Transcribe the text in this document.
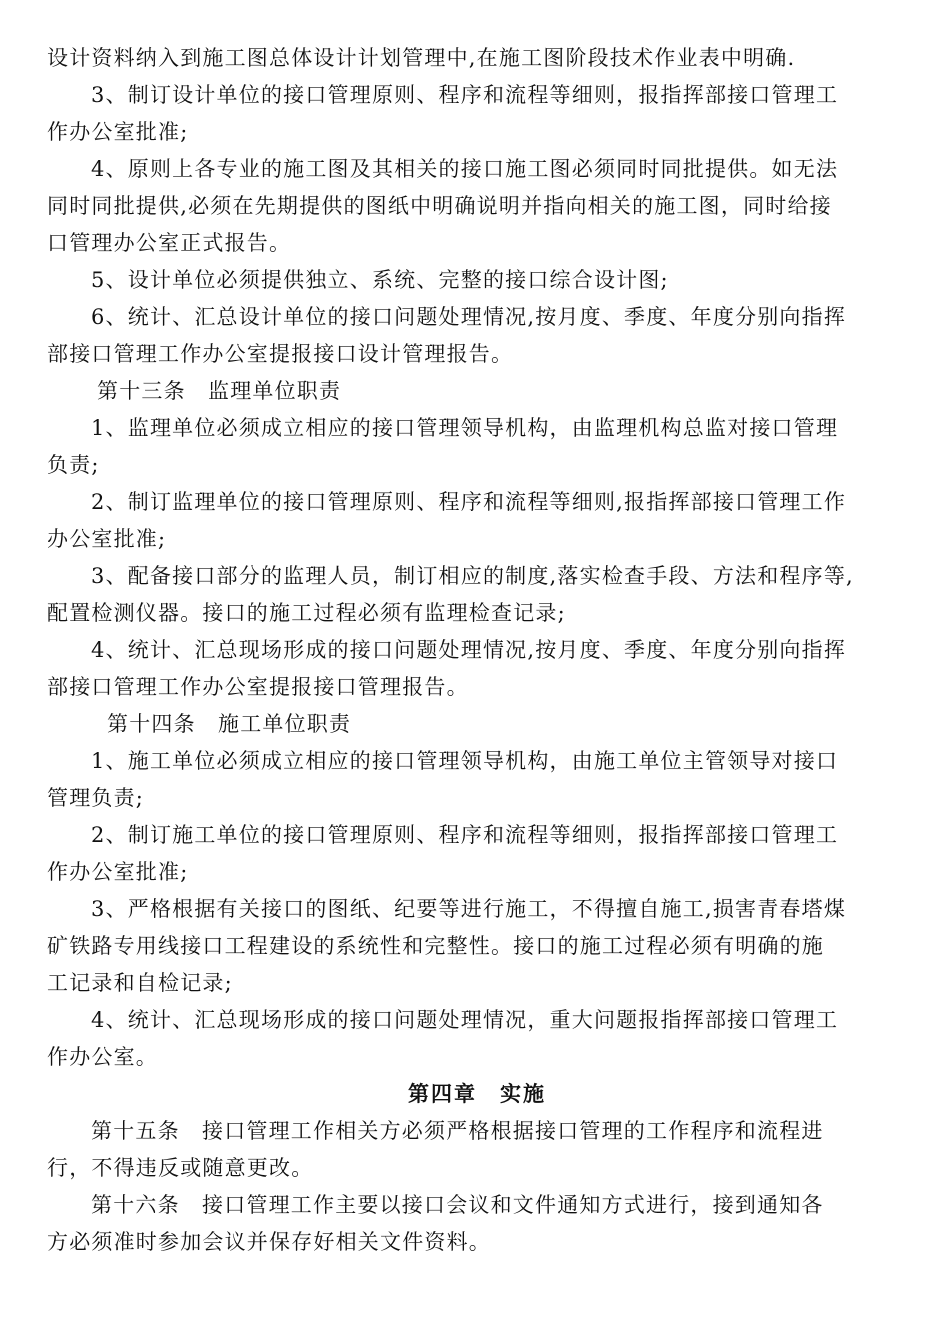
设计资料纳入到施工图总体设计计划管理中,在施工图阶段技术作业表中明确.
3、制订设计单位的接口管理原则、程序和流程等细则，报指挥部接口管理工
作办公室批准;
4、原则上各专业的施工图及其相关的接口施工图必须同时同批提供。如无法
同时同批提供,必须在先期提供的图纸中明确说明并指向相关的施工图，同时给接
口管理办公室正式报告。
5、设计单位必须提供独立、系统、完整的接口综合设计图;
6、统计、汇总设计单位的接口问题处理情况,按月度、季度、年度分别向指挥
部接口管理工作办公室提报接口设计管理报告。
第十三条　监理单位职责
1、监理单位必须成立相应的接口管理领导机构，由监理机构总监对接口管理
负责;
2、制订监理单位的接口管理原则、程序和流程等细则,报指挥部接口管理工作
办公室批准;
3、配备接口部分的监理人员，制订相应的制度,落实检查手段、方法和程序等,
配置检测仪器。接口的施工过程必须有监理检查记录;
4、统计、汇总现场形成的接口问题处理情况,按月度、季度、年度分别向指挥
部接口管理工作办公室提报接口管理报告。
第十四条　施工单位职责
1、施工单位必须成立相应的接口管理领导机构，由施工单位主管领导对接口
管理负责;
2、制订施工单位的接口管理原则、程序和流程等细则，报指挥部接口管理工
作办公室批准;
3、严格根据有关接口的图纸、纪要等进行施工，不得擅自施工,损害青春塔煤
矿铁路专用线接口工程建设的系统性和完整性。接口的施工过程必须有明确的施
工记录和自检记录;
4、统计、汇总现场形成的接口问题处理情况，重大问题报指挥部接口管理工
作办公室。
第四章　实施
第十五条　接口管理工作相关方必须严格根据接口管理的工作程序和流程进
行，不得违反或随意更改。
第十六条　接口管理工作主要以接口会议和文件通知方式进行，接到通知各
方必须准时参加会议并保存好相关文件资料。
